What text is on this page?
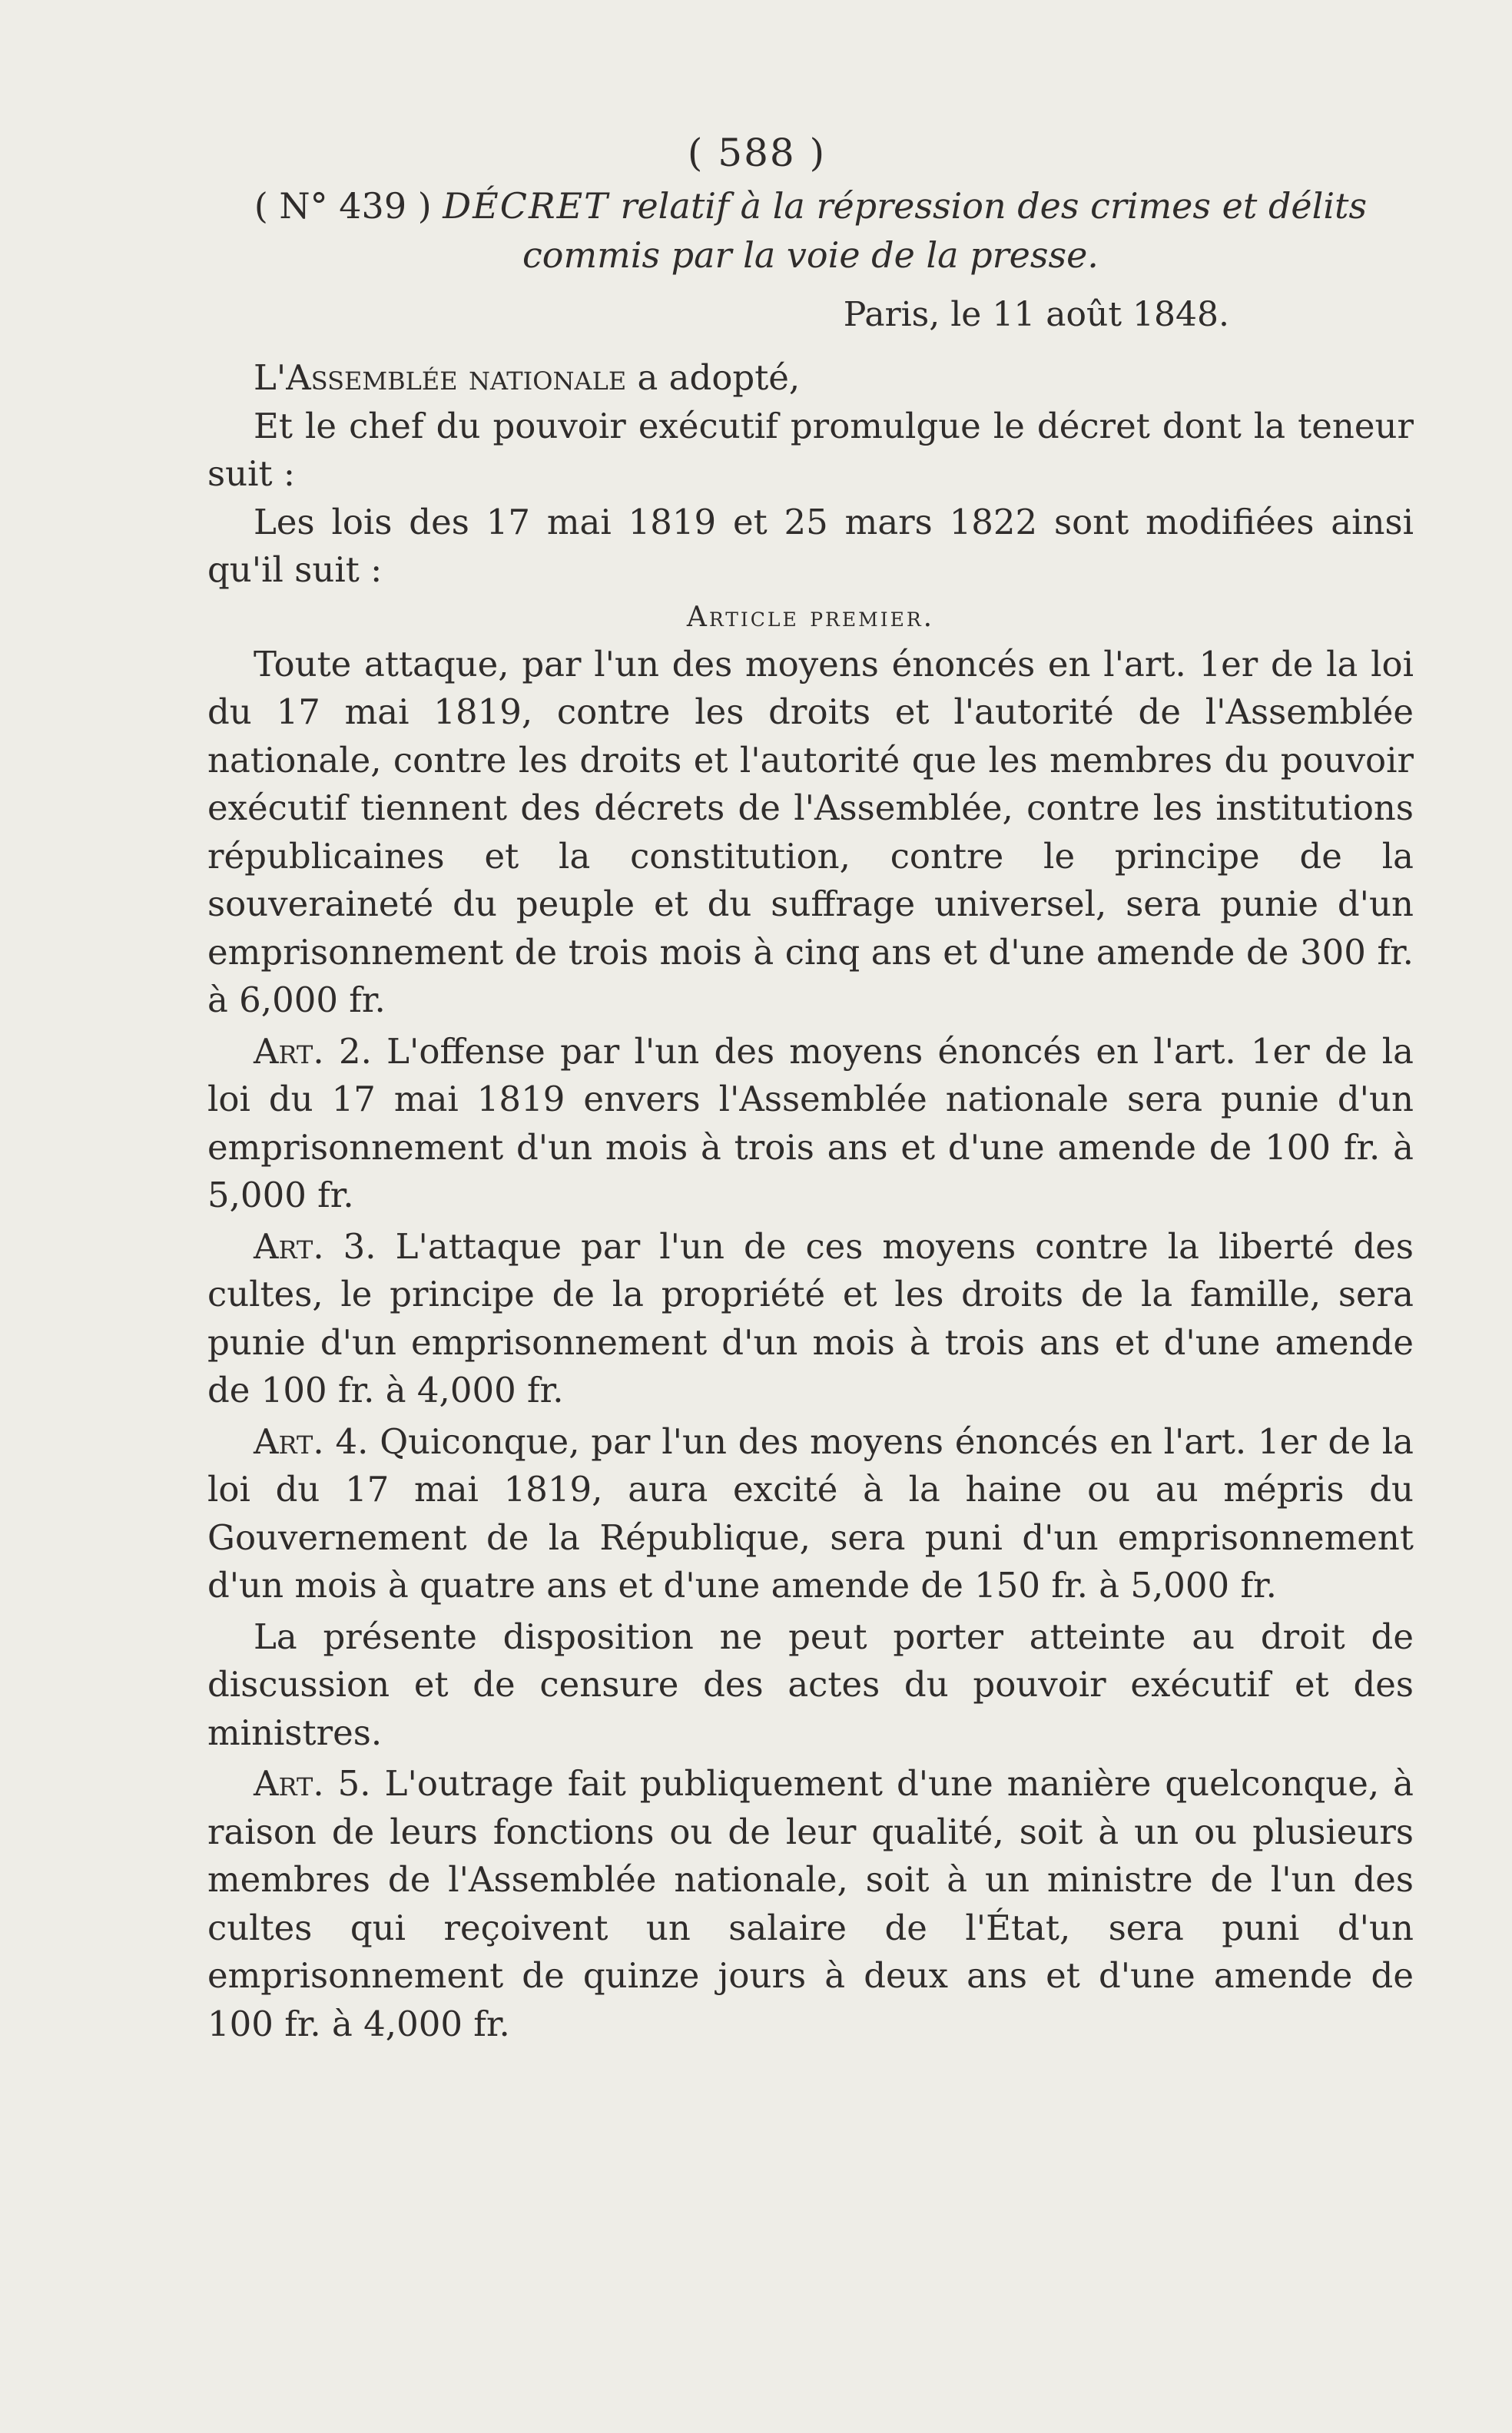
( 588 )
( N° 439 ) DÉCRET relatif à la répression des crimes et délits commis par la voie de la presse.
Paris, le 11 août 1848.

L'Assemblée nationale a adopté,

Et le chef du pouvoir exécutif promulgue le décret dont la teneur suit :

Les lois des 17 mai 1819 et 25 mars 1822 sont modifiées ainsi qu'il suit :

Article premier.

Toute attaque, par l'un des moyens énoncés en l'art. 1er de la loi du 17 mai 1819, contre les droits et l'autorité de l'Assemblée nationale, contre les droits et l'autorité que les membres du pouvoir exécutif tiennent des décrets de l'Assemblée, contre les institutions républicaines et la constitution, contre le principe de la souveraineté du peuple et du suffrage universel, sera punie d'un emprisonnement de trois mois à cinq ans et d'une amende de 300 fr. à 6,000 fr.

Art. 2. L'offense par l'un des moyens énoncés en l'art. 1er de la loi du 17 mai 1819 envers l'Assemblée nationale sera punie d'un emprisonnement d'un mois à trois ans et d'une amende de 100 fr. à 5,000 fr.

Art. 3. L'attaque par l'un de ces moyens contre la liberté des cultes, le principe de la propriété et les droits de la famille, sera punie d'un emprisonnement d'un mois à trois ans et d'une amende de 100 fr. à 4,000 fr.

Art. 4. Quiconque, par l'un des moyens énoncés en l'art. 1er de la loi du 17 mai 1819, aura excité à la haine ou au mépris du Gouvernement de la République, sera puni d'un emprisonnement d'un mois à quatre ans et d'une amende de 150 fr. à 5,000 fr.

La présente disposition ne peut porter atteinte au droit de discussion et de censure des actes du pouvoir exécutif et des ministres.

Art. 5. L'outrage fait publiquement d'une manière quelconque, à raison de leurs fonctions ou de leur qualité, soit à un ou plusieurs membres de l'Assemblée nationale, soit à un ministre de l'un des cultes qui reçoivent un salaire de l'État, sera puni d'un emprisonnement de quinze jours à deux ans et d'une amende de 100 fr. à 4,000 fr.
